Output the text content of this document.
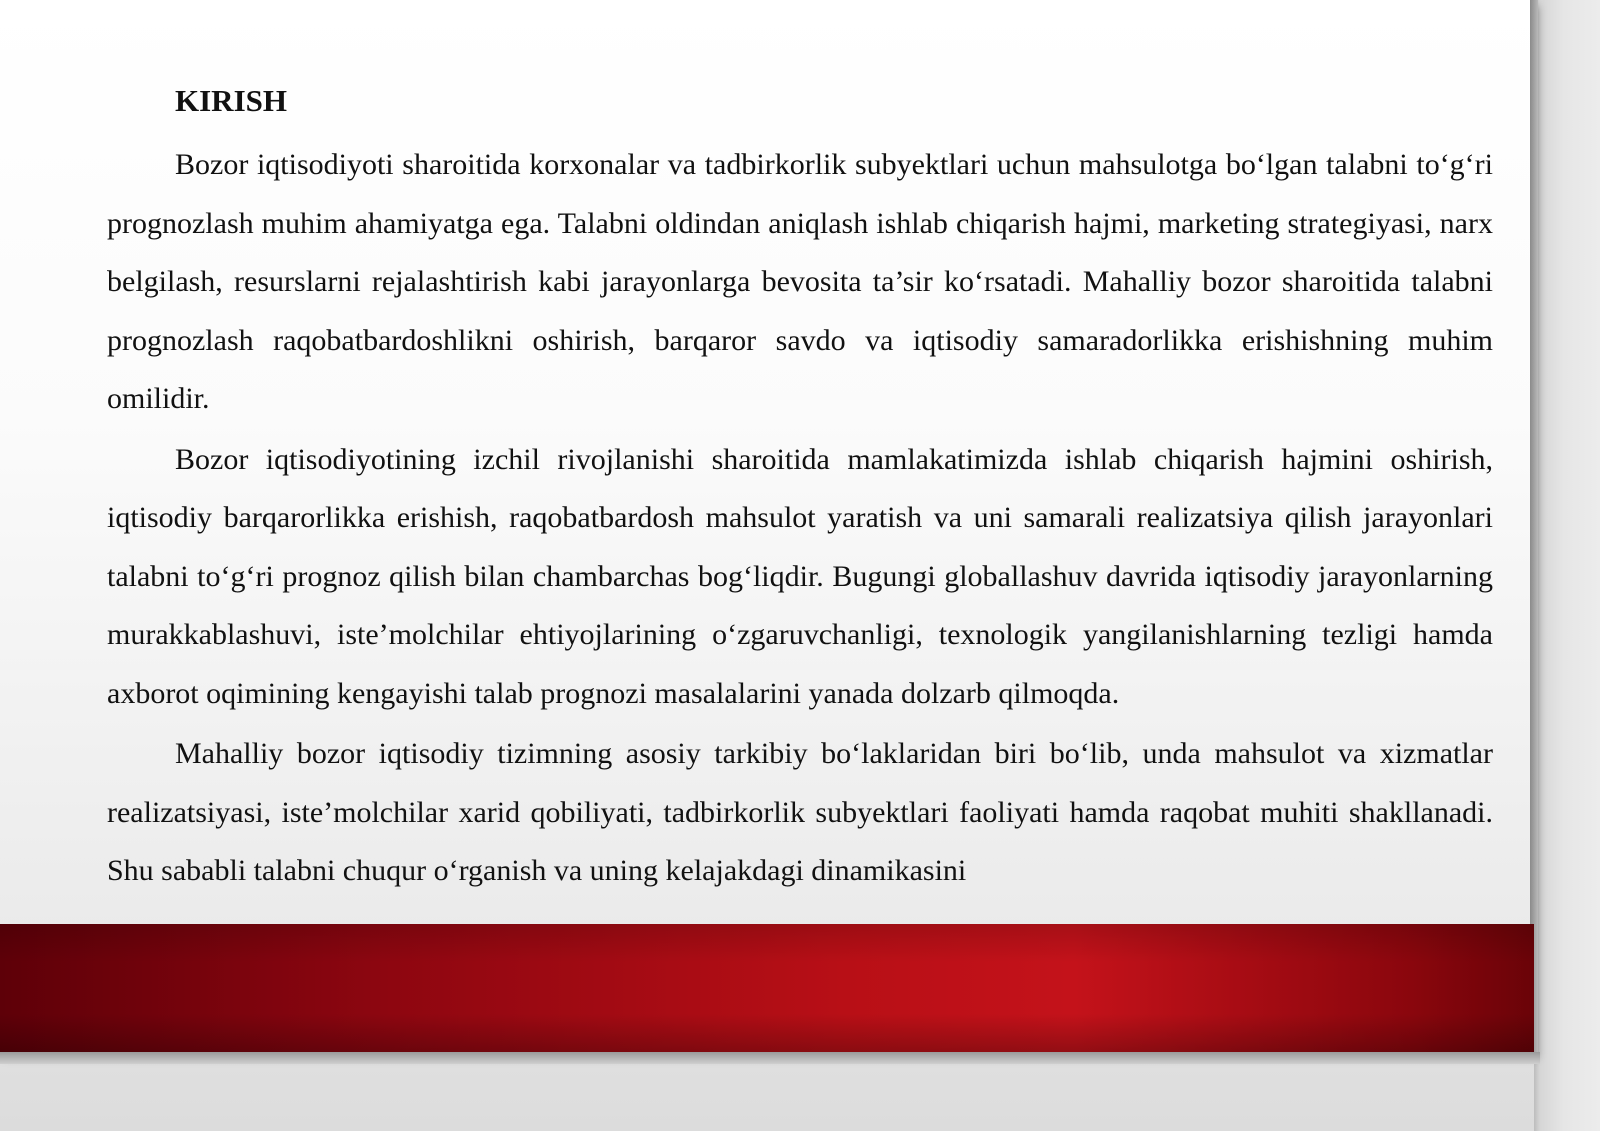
KIRISH

Bozor iqtisodiyoti sharoitida korxonalar va tadbirkorlik subyektlari uchun mahsulotga bo‘lgan talabni to‘g‘ri prognozlash muhim ahamiyatga ega. Talabni oldindan aniqlash ishlab chiqarish hajmi, marketing strategiyasi, narx belgilash, resurslarni rejalashtirish kabi jarayonlarga bevosita ta’sir ko‘rsatadi. Mahalliy bozor sharoitida talabni prognozlash raqobatbardoshlikni oshirish, barqaror savdo va iqtisodiy samaradorlikka erishishning muhim omilidir.

Bozor iqtisodiyotining izchil rivojlanishi sharoitida mamlakatimizda ishlab chiqarish hajmini oshirish, iqtisodiy barqarorlikka erishish, raqobatbardosh mahsulot yaratish va uni samarali realizatsiya qilish jarayonlari talabni to‘g‘ri prognoz qilish bilan chambarchas bog‘liqdir. Bugungi globallashuv davrida iqtisodiy jarayonlarning murakkablashuvi, iste’molchilar ehtiyojlarining o‘zgaruvchanligi, texnologik yangilanishlarning tezligi hamda axborot oqimining kengayishi talab prognozi masalalarini yanada dolzarb qilmoqda.

Mahalliy bozor iqtisodiy tizimning asosiy tarkibiy bo‘laklaridan biri bo‘lib, unda mahsulot va xizmatlar realizatsiyasi, iste’molchilar xarid qobiliyati, tadbirkorlik subyektlari faoliyati hamda raqobat muhiti shakllanadi. Shu sababli talabni chuqur o‘rganish va uning kelajakdagi dinamikasini
